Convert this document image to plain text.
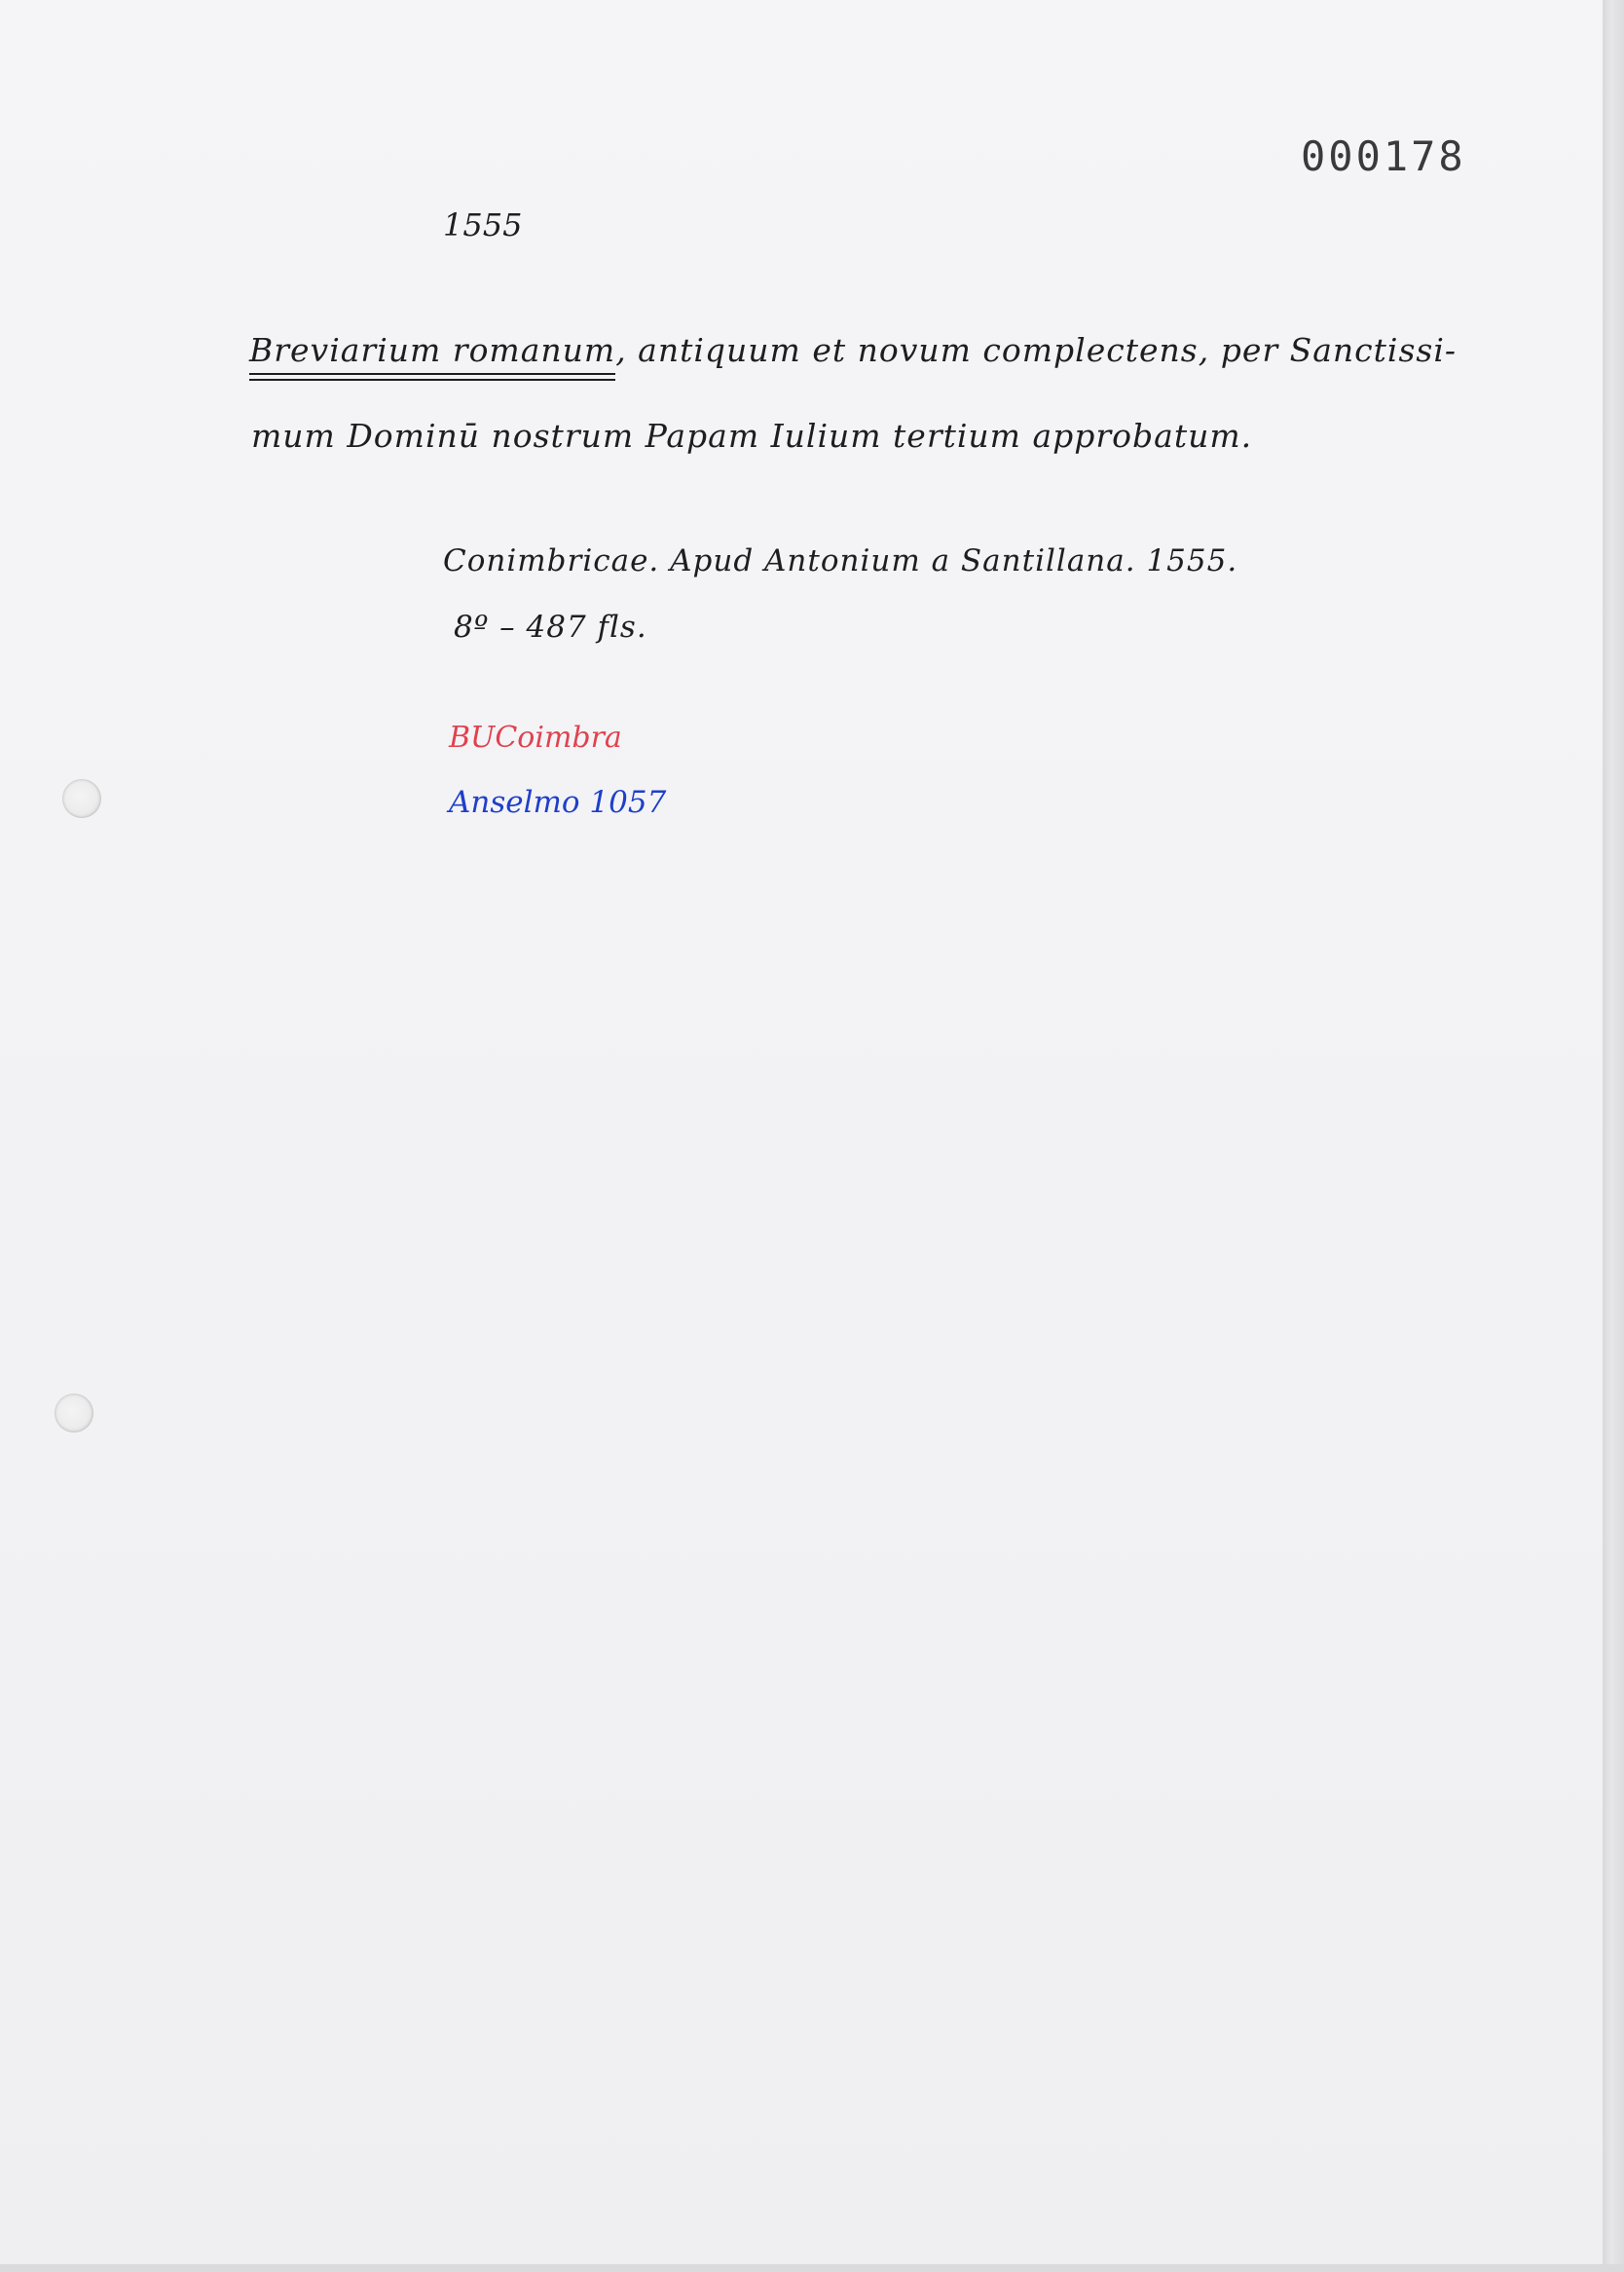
000178
1555
Breviarium romanum, antiquum et novum complectens, per Sanctissi-
mum Dominū nostrum Papam Iulium tertium approbatum.
Conimbricae. Apud Antonium a Santillana. 1555.
8º – 487 fls.
BUCoimbra
Anselmo 1057
